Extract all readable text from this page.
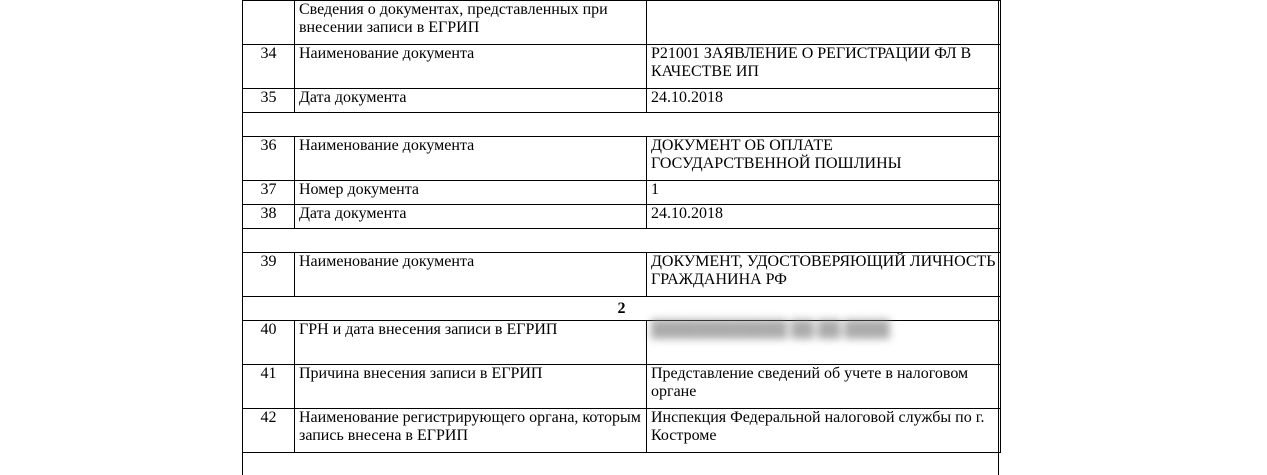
	Сведения о документах, представленных при внесении записи в ЕГРИП	
34	Наименование документа	Р21001 ЗАЯВЛЕНИЕ О РЕГИСТРАЦИИ ФЛ В КАЧЕСТВЕ ИП
35	Дата документа	24.10.2018

36	Наименование документа	ДОКУМЕНТ ОБ ОПЛАТЕ ГОСУДАРСТВЕННОЙ ПОШЛИНЫ
37	Номер документа	1
38	Дата документа	24.10.2018

39	Наименование документа	ДОКУМЕНТ, УДОСТОВЕРЯЮЩИЙ ЛИЧНОСТЬ ГРАЖДАНИНА РФ
2		
40	ГРН и дата внесения записи в ЕГРИП	████████████ ██.██.████
41	Причина внесения записи в ЕГРИП	Представление сведений об учете в налоговом органе
42	Наименование регистрирующего органа, которым запись внесена в ЕГРИП	Инспекция Федеральной налоговой службы по г. Костроме
